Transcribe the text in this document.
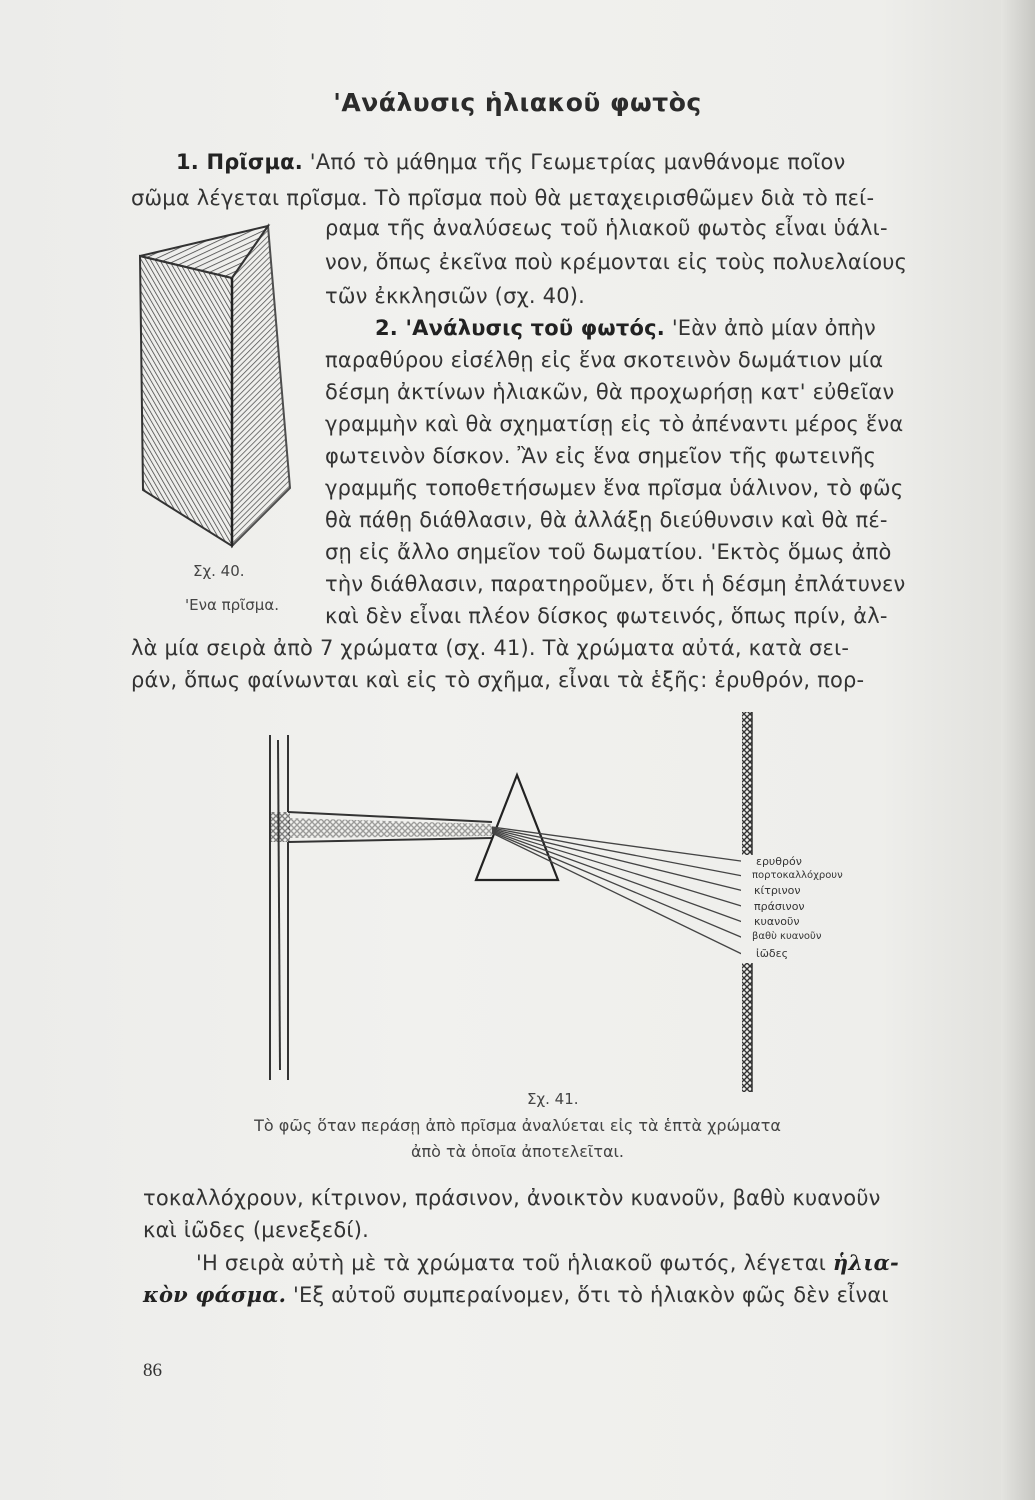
'Ανάλυσις ἡλιακοῦ φωτὸς
1. Πρῖσμα. 'Από τὸ μάθημα τῆς Γεωμετρίας μανθάνομε ποῖον
σῶμα λέγεται πρῖσμα. Τὸ πρῖσμα ποὺ θὰ μεταχειρισθῶμεν διὰ τὸ πεί-
ραμα τῆς ἀναλύσεως τοῦ ἡλιακοῦ φωτὸς εἶναι ὑάλι-
νον, ὅπως ἐκεῖνα ποὺ κρέμονται εἰς τοὺς πολυελαίους
τῶν ἐκκλησιῶν (σχ. 40).
2. 'Ανάλυσις τοῦ φωτός. 'Εὰν ἀπὸ μίαν ὀπὴν
παραθύρου εἰσέλθῃ εἰς ἕνα σκοτεινὸν δωμάτιον μία
δέσμη ἀκτίνων ἡλιακῶν, θὰ προχωρήσῃ κατ' εὐθεῖαν
γραμμὴν καὶ θὰ σχηματίσῃ εἰς τὸ ἀπέναντι μέρος ἕνα
φωτεινὸν δίσκον. Ἂν εἰς ἕνα σημεῖον τῆς φωτεινῆς
γραμμῆς τοποθετήσωμεν ἕνα πρῖσμα ὑάλινον, τὸ φῶς
θὰ πάθῃ διάθλασιν, θὰ ἀλλάξῃ διεύθυνσιν καὶ θὰ πέ-
σῃ εἰς ἄλλο σημεῖον τοῦ δωματίου. 'Εκτὸς ὅμως ἀπὸ
τὴν διάθλασιν, παρατηροῦμεν, ὅτι ἡ δέσμη ἐπλάτυνεν
καὶ δὲν εἶναι πλέον δίσκος φωτεινός, ὅπως πρίν, ἀλ-
λὰ μία σειρὰ ἀπὸ 7 χρώματα (σχ. 41). Τὰ χρώματα αὐτά, κατὰ σει-
ράν, ὅπως φαίνωνται καὶ εἰς τὸ σχῆμα, εἶναι τὰ ἑξῆς: ἐρυθρόν, πορ-
Σχ. 40.
'Ενα πρῖσμα.
ερυθρόν
πορτοκαλλόχρουν
κίτρινον
πράσινον
κυανοῦν
βαθὺ κυανοῦν
ἰῶδες
Σχ. 41.
Τὸ φῶς ὅταν περάσῃ ἀπὸ πρῖσμα ἀναλύεται εἰς τὰ ἑπτὰ χρώματα
ἀπὸ τὰ ὁποῖα ἀποτελεῖται.
τοκαλλόχρουν, κίτρινον, πράσινον, ἀνοικτὸν κυανοῦν, βαθὺ κυανοῦν
καὶ ἰῶδες (μενεξεδί).
'Η σειρὰ αὐτὴ μὲ τὰ χρώματα τοῦ ἡλιακοῦ φωτός, λέγεται ἡλια-
κὸν φάσμα. 'Εξ αὐτοῦ συμπεραίνομεν, ὅτι τὸ ἡλιακὸν φῶς δὲν εἶναι
86
